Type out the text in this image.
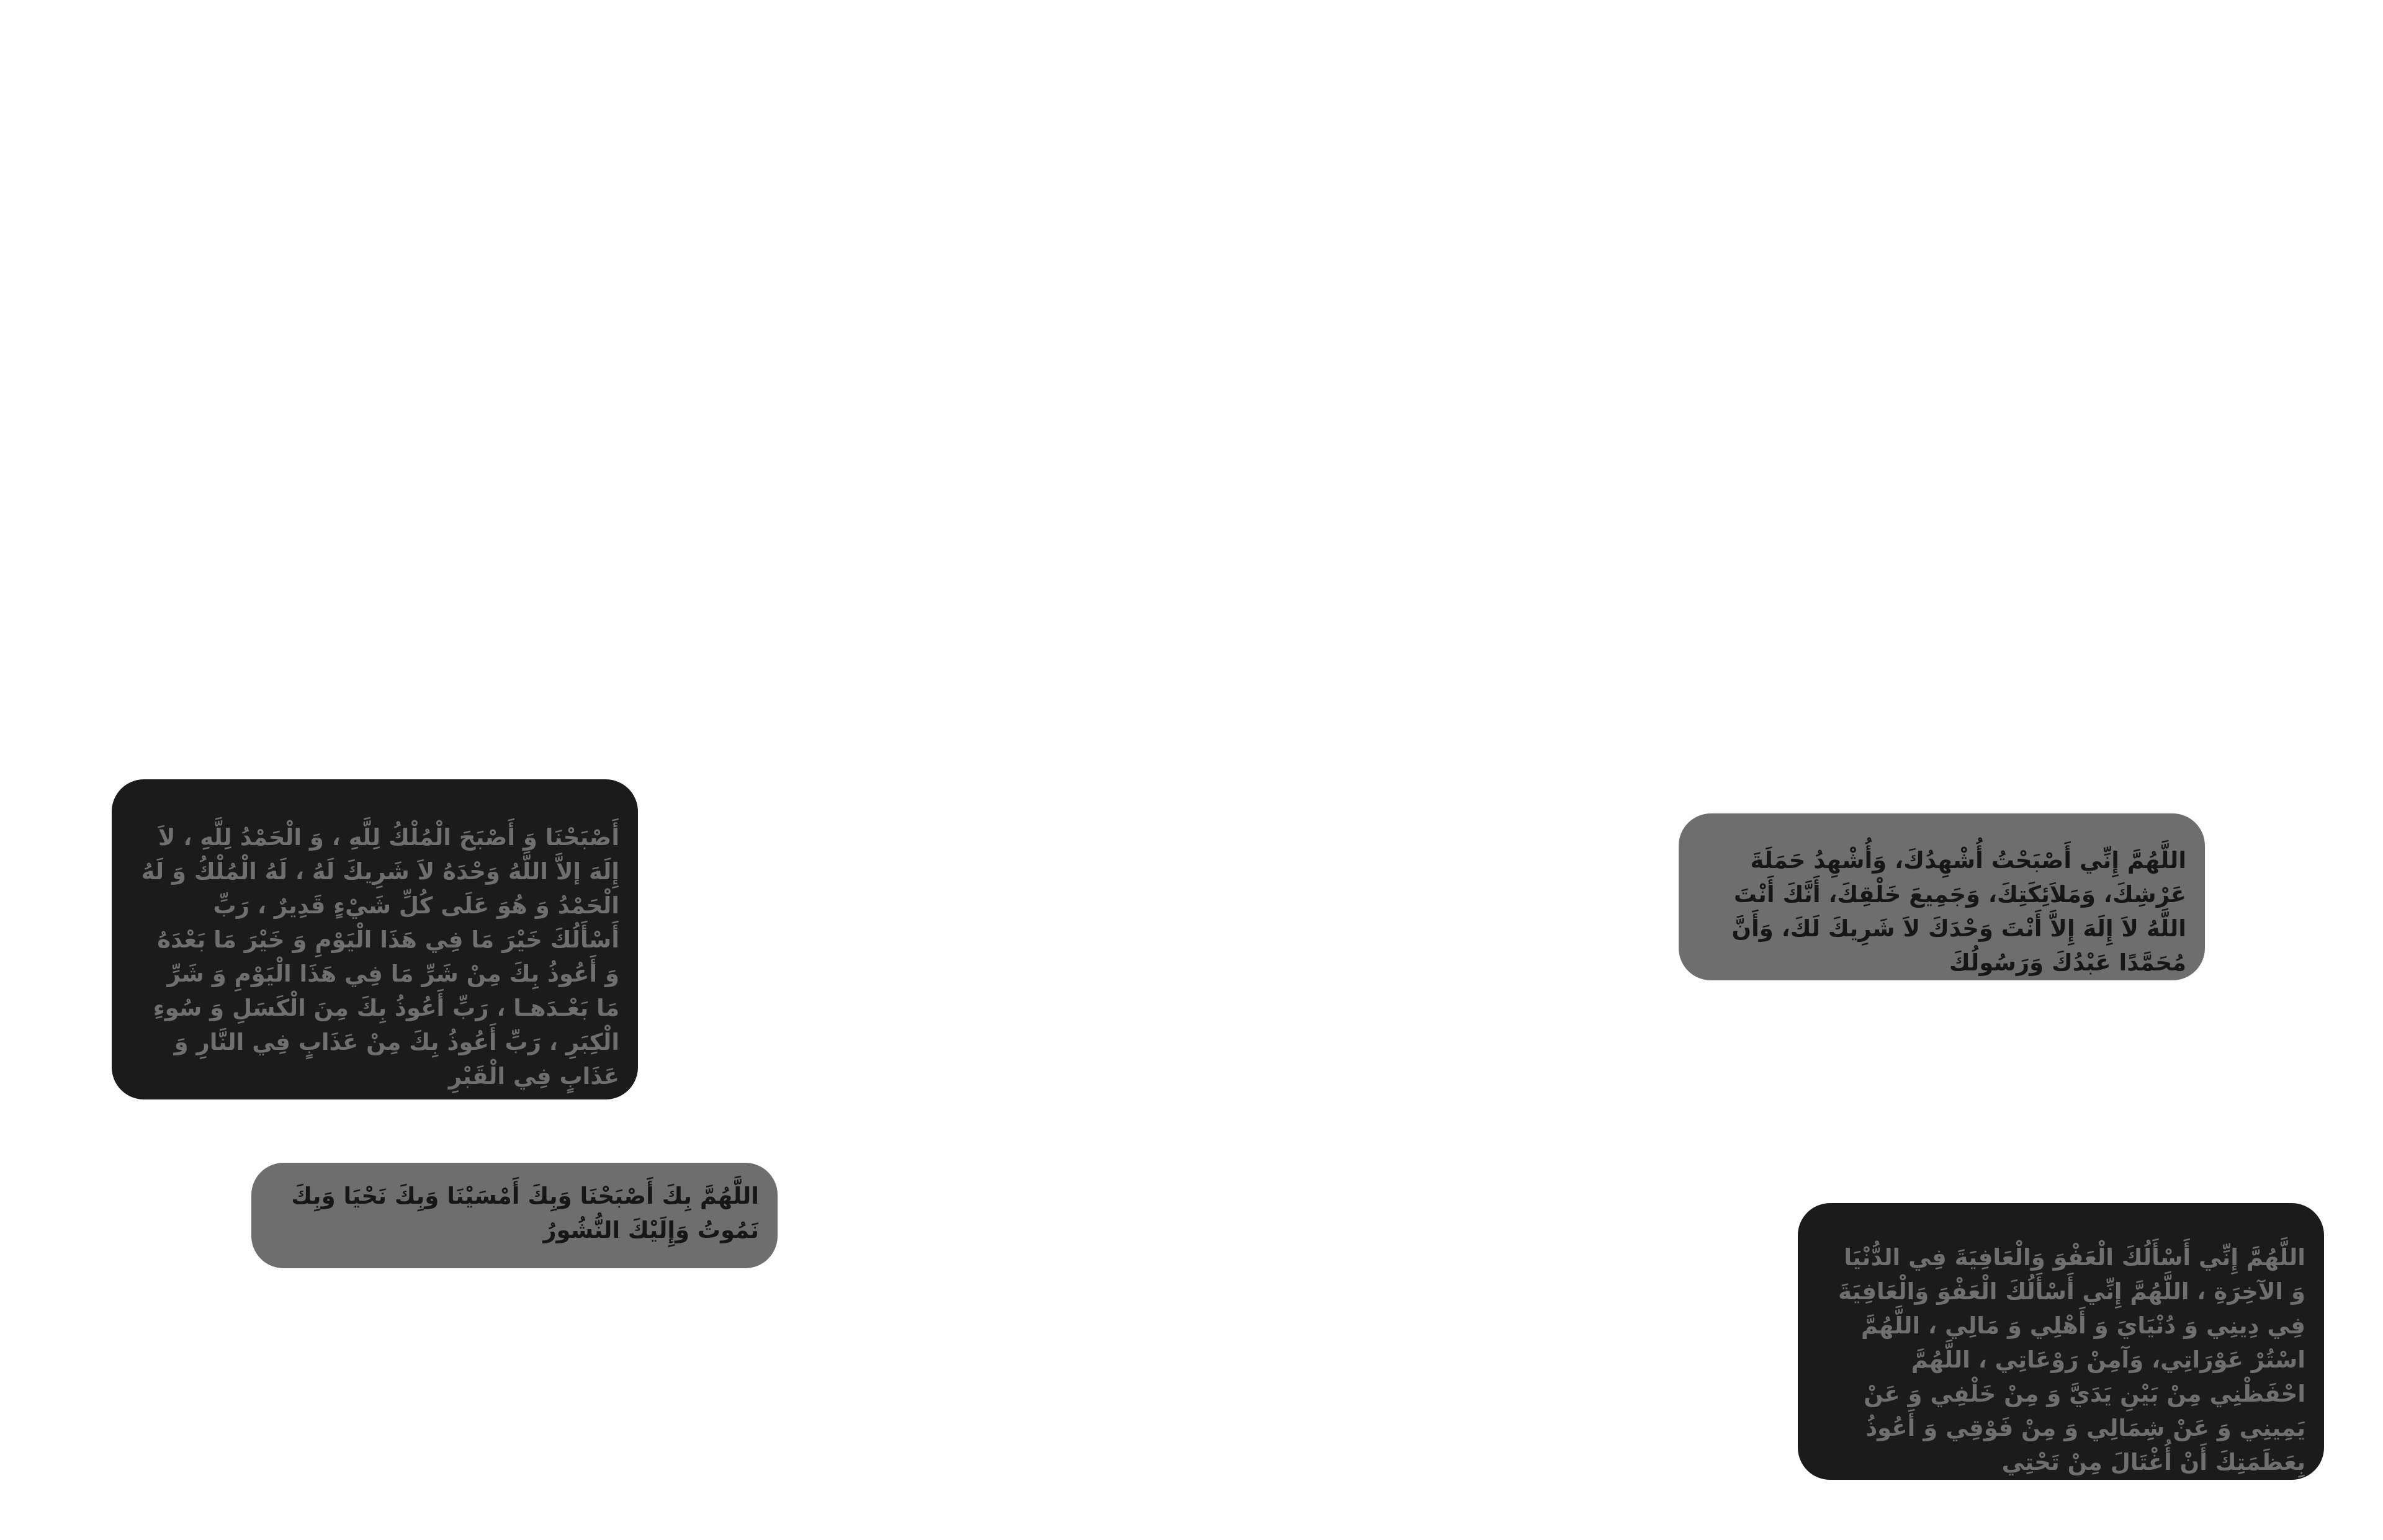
أَصْبَحْنَا وَ أَصْبَحَ الْمُلْكُ لِلَّهِ ، وَ الْحَمْدُ لِلَّهِ ، لاَ إِلَهَ إلاَّ اللَّهُ وَحْدَهُ لاَ شَرِيكَ لَهُ ، لَهُ الْمُلْكُ وَ لَهُ الْحَمْدُ وَ هُوَ عَلَى كُلِّ شَيْءٍ قَدِيرٌ ، رَبِّ أَسْأَلُكَ خَيْرَ مَا فِي هَذَا الْيَوْمِ وَ خَيْرَ مَا بَعْدَهُ وَ أَعُوذُ بِكَ مِنْ شَرِّ مَا فِي هَذَا الْيَوْمِ وَ شَرِّ مَا بَعْـدَهـا ، رَبِّ أَعُوذُ بِكَ مِنَ الْكَسَلِ وَ سُوءِ الْكِبَرِ ، رَبِّ أَعُوذُ بِكَ مِنْ عَذَابٍ فِي النَّارِ وَ عَذَابٍ فِي الْقَبْرِ
اللَّهُمَّ بِكَ أَصْبَحْنَا وَبِكَ أَمْسَيْنَا وَبِكَ نَحْيَا وَبِكَ نَمُوتُ وَإِلَيْكَ النُّشُورُ
اللَّهُمَّ إِنِّي أَصْبَحْتُ أُشْهِدُكَ، وَأُشْهِدُ حَمَلَةَ عَرْشِكَ، وَمَلاَئِكَتِكَ، وَجَمِيعَ خَلْقِكَ، أَنَّكَ أَنْتَ اللَّهُ لاَ إِلَهَ إِلاَّ أَنْتَ وَحْدَكَ لاَ شَرِيكَ لَكَ، وَأَنَّ مُحَمَّدًا عَبْدُكَ وَرَسُولُكَ
اللَّهُمَّ إِنِّي أَسْأَلُكَ الْعَفْوَ وَالْعَافِيَةَ فِي الدُّنْيَا وَ الآخِرَةِ ، اللَّهُمَّ إِنِّي أَسْأَلُكَ الْعَفْوَ وَالْعَافِيَةَ فِي دِينِي وَ دُنْيَايَ وَ أَهْلِي وَ مَالِي ، اللَّهُمَّ اسْتُرْ عَوْرَاتِي، وَآمِنْ رَوْعَاتِي ، اللَّهُمَّ احْفَظْنِي مِنْ بَيْنِ يَدَيَّ وَ مِنْ خَلْفِي وَ عَنْ يَمِينِي وَ عَنْ شِمَالِي وَ مِنْ فَوْقِي وَ أَعُوذُ بِعَظَمَتِكَ أَنْ أُغْتَالَ مِنْ تَحْتِي
